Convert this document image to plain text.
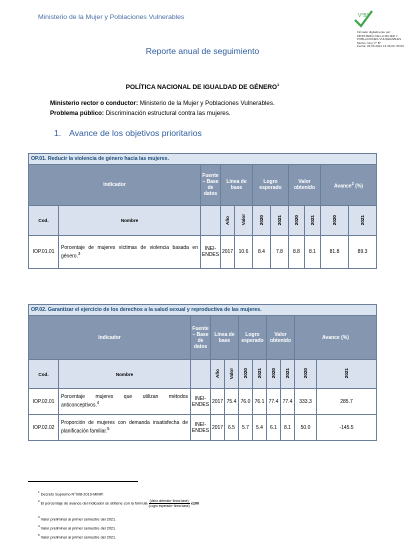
Ministerio de la Mujer y Poblaciones Vulnerables	V°B°
Firmado digitalmente por:
MINISTERIO DE LA MUJER Y
POBLACIONES VULNERABLES
Motivo: Doy V° B°
Fecha: 03.06.2021 13:46:00 -05:00
Reporte anual de seguimiento
POLÍTICA NACIONAL DE IGUALDAD DE GÉNERO$^1$
Ministerio rector o conductor: Ministerio de la Mujer y Poblaciones Vulnerables.
Problema público: Discriminación estructural contra las mujeres.
1. Avance de los objetivos prioritarios
OP.01. Reducir la violencia de género hacia las mujeres.										
Indicador		Fuente – Base de datos	Línea de base		Logro esperado		Valor obtenido		Avance$^2$ (%)	
Cod.	Nombre		Año	Valor	2020	2021	2020	2021	2020	2021
IOP.01.01	Porcentaje de mujeres víctimas de violencia basada en género.$^3$	INEI-ENDES	2017	10.6	8.4	7.8	8.8	8.1	81.8	89.3
OP.02. Garantizar el ejercicio de los derechos a la salud sexual y reproductiva de las mujeres.										
Indicador		Fuente – Base de datos	Línea de base		Logro esperado		Valor obtenido		Avance (%)	
Cod.	Nombre		Año	Valor	2020	2021	2020	2021	2020	2021
IOP.02.01	Porcentaje mujeres que utilizan métodos anticonceptivos.$^4$	INEI-ENDES	2017	75.4	76.0	76.1	77.4	77.4	333.3	285.7
IOP.02.02	Proporción de mujeres con demanda insatisfecha de planificación familiar.$^5$	INEI-ENDES	2017	6.5	5.7	5.4	6.1	8.1	50.0	-145.5
$^1$ Decreto Supremo N°008-2019-MIMP.
$^2$ El porcentaje de avance del indicador se obtiene con la fórmula $\frac{\text{(Valor obtenido−línea base)}}{\text{(Logro esperado−línea base)}} x100$
$^3$ Valor preliminar al primer semestre del 2021.
$^4$ Valor preliminar al primer semestre del 2021.
$^5$ Valor preliminar al primer semestre del 2021.
